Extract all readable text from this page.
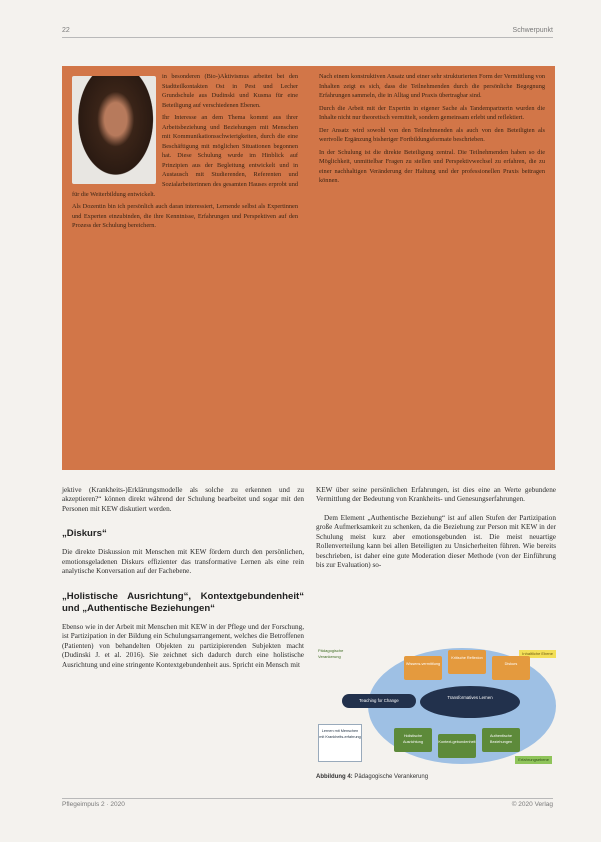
22	Schwerpunkt

in besonderen (Bio-)Aktivismus arbeitet bei den Stadtteilkontakten Ost in Pest und Lecher Grundschule aus Dudinski und Kusma für eine Beteiligung auf verschiedenen Ebenen.

Ihr Interesse an dem Thema kommt aus ihrer Arbeitsbeziehung und Beziehungen mit Menschen mit Kommunikationsschwierigkeiten, durch die eine Beschäftigung mit möglichen Situationen begonnen hat. Diese Schulung wurde im Hinblick auf Prinzipien aus der Begleitung entwickelt und in Austausch mit Studierenden, Referenten und Sozialarbeiterinnen des gesamten Hauses erprobt und für die Weiterbildung entwickelt.

Als Dozentin bin ich persönlich auch daran interessiert, Lernende selbst als Expertinnen und Experten einzubinden, die ihre Kenntnisse, Erfahrungen und Perspektiven auf den Prozess der Schulung bereichern.

Nach einem konstruktiven Ansatz und einer sehr strukturierten Form der Vermittlung von Inhalten zeigt es sich, dass die Teilnehmenden durch die persönliche Begegnung Erfahrungen sammeln, die in Alltag und Praxis übertragbar sind.

Durch die Arbeit mit der Expertin in eigener Sache als Tandempartnerin wurden die Inhalte nicht nur theoretisch vermittelt, sondern gemeinsam erlebt und reflektiert.

Der Ansatz wird sowohl von den Teilnehmenden als auch von den Beteiligten als wertvolle Ergänzung bisheriger Fortbildungsformate beschrieben.

In der Schulung ist die direkte Beteiligung zentral. Die Teilnehmenden haben so die Möglichkeit, unmittelbar Fragen zu stellen und Perspektivwechsel zu erfahren, die zu einer nachhaltigen Veränderung der Haltung und der professionellen Praxis beitragen können.

jektive (Krankheits-)Erklärungsmodelle als solche zu erkennen und zu akzeptieren?“ können direkt während der Schulung bearbeitet und sogar mit den Personen mit KEW diskutiert werden.

„Diskurs“

Die direkte Diskussion mit Menschen mit KEW fördern durch den persönlichen, emotionsgeladenen Diskurs effizienter das transformative Lernen als eine rein analytische Konversation auf der Fachebene.

„Holistische Ausrichtung“, Kontextgebundenheit“ und „Authentische Beziehungen“

Ebenso wie in der Arbeit mit Menschen mit KEW in der Pflege und der Forschung, ist Partizipation in der Bildung ein Schulungsarrangement, welches die Betroffenen (Patienten) von behandelten Objekten zu partizipierenden Subjekten macht (Dudinski J. et al. 2016). Sie zeichnet sich dadurch durch eine holistische Ausrichtung und eine stringente Kontextgebundenheit aus. Spricht ein Mensch mit

KEW über seine persönlichen Erfahrungen, ist dies eine an Werte gebundene Vermittlung der Bedeutung von Krankheits- und Genesungserfahrungen.

Dem Element „Authentische Beziehung“ ist auf allen Stufen der Partizipation große Aufmerksamkeit zu schenken, da die Beziehung zur Person mit KEW in der Schulung meist kurz aber emotionsgebunden ist. Die meist neuartige Rollenverteilung kann bei allen Beteiligten zu Unsicherheiten führen. Wie bereits beschrieben, ist daher eine gute Moderation dieser Methode (von der Einführung bis zur Evaluation) so-

Pädagogische Verankerung	Inhaltliche Ebene
Wissens-vermittlung
Kritische Reflexion
Diskurs
Teaching for Change
Transformatives Lernen
Lernen mit Menschen mit Krankheits-erfahrung	Holistische Ausrichtung	Kontext-gebundenheit
Authentische Beziehungen
Erfahrungsebene
Abbildung 4: Pädagogische Verankerung
Pflegeimpuls 2 · 2020	© 2020 Verlag
